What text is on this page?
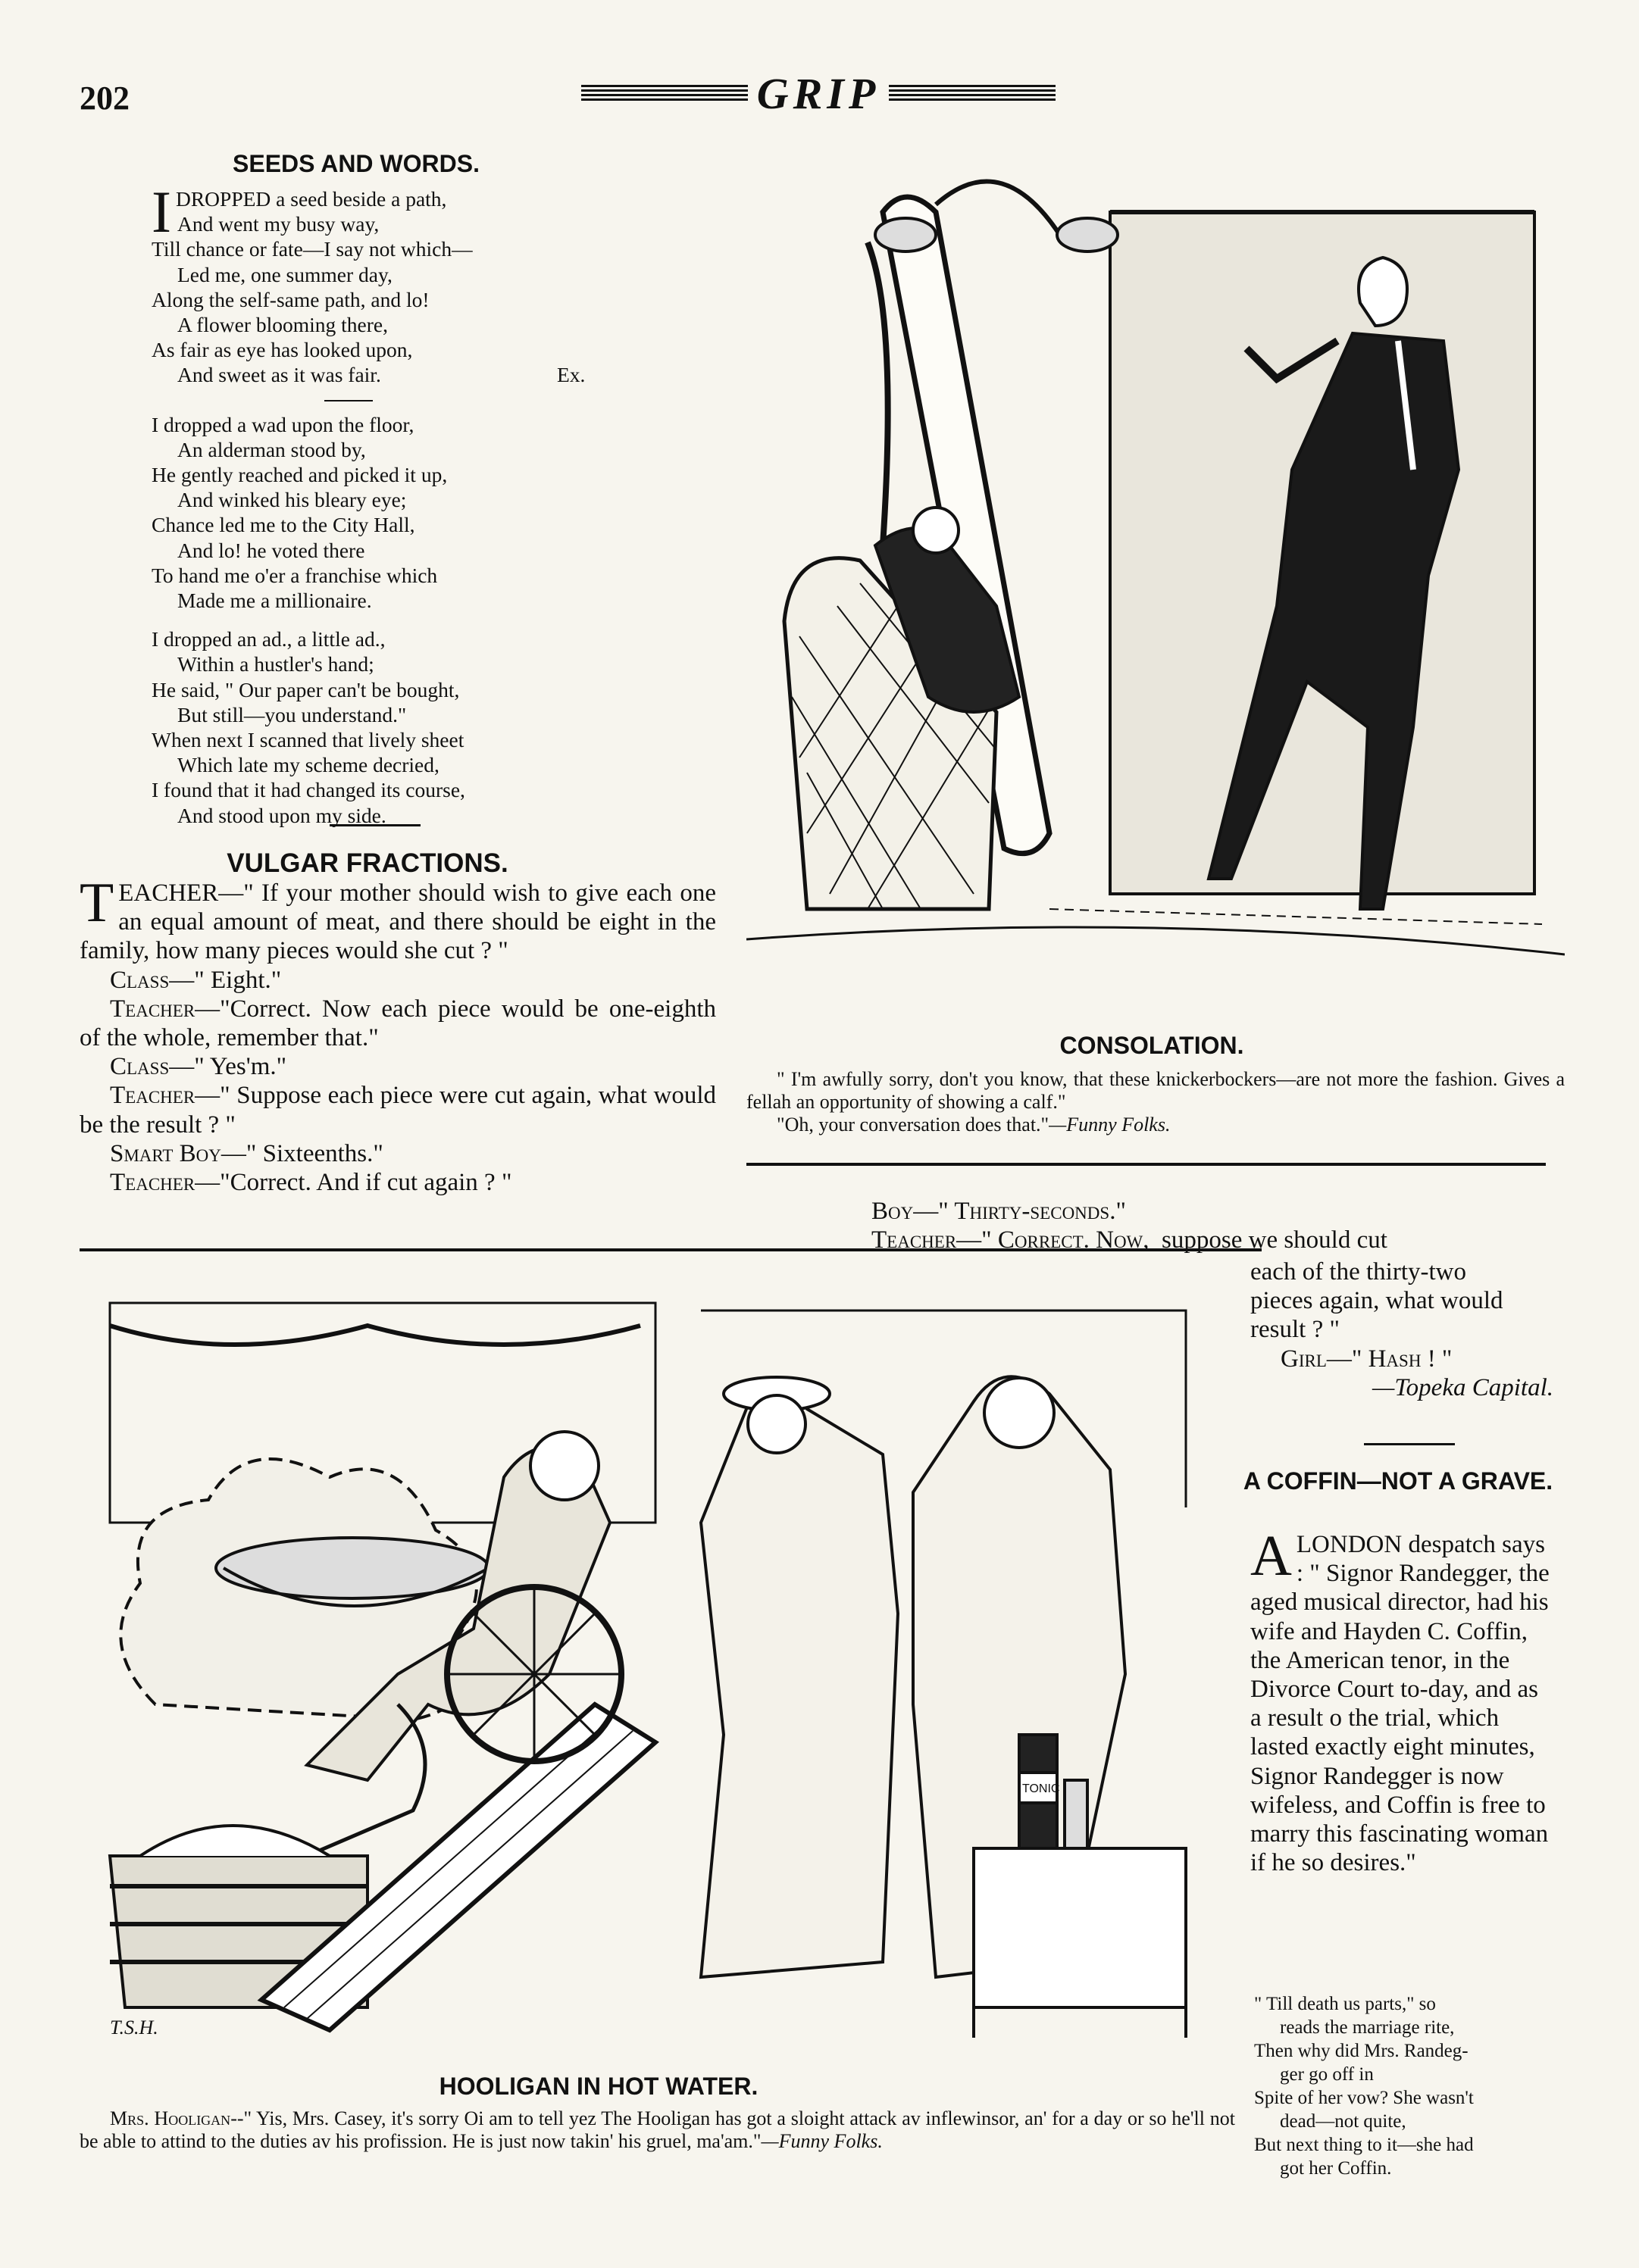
202	GRIP
SEEDS AND WORDS.
I DROPPED a seed beside a path,

And went my busy way,

Till chance or fate—I say not which—

Led me, one summer day,

Along the self-same path, and lo!

A flower blooming there,

As fair as eye has looked upon,

And sweet as it was fair.	Ex.

I dropped a wad upon the floor,

An alderman stood by,

He gently reached and picked it up,

And winked his bleary eye;

Chance led me to the City Hall,

And lo! he voted there

To hand me o'er a franchise which

Made me a millionaire.

I dropped an ad., a little ad.,

Within a hustler's hand;

He said, " Our paper can't be bought,

But still—you understand."

When next I scanned that lively sheet

Which late my scheme decried,

I found that it had changed its course,

And stood upon my side.

VULGAR FRACTIONS.

TEACHER—" If your mother should wish to give each one an equal amount of meat, and there should be eight in the family, how many pieces would she cut ? "

Class—" Eight."

Teacher—"Correct. Now each piece would be one-eighth of the whole, remember that."

Class—" Yes'm."

Teacher—" Suppose each piece were cut again, what would be the result ? "

Smart Boy—" Sixteenths."

Teacher—"Correct. And if cut again ? "

CONSOLATION.

" I'm awfully sorry, don't you know, that these knickerbockers—are not more the fashion. Gives a fellah an opportunity of showing a calf."

"Oh, your conversation does that."—Funny Folks.

Boy—" Thirty-seconds."

Teacher—" Correct. Now, suppose we should cut

each of the thirty-two

pieces again, what would

result ? "

Girl—" Hash ! "

—Topeka Capital.

A COFFIN—NOT A GRAVE.

ALONDON despatch says : " Signor Randegger, the aged musical director, had his wife and Hayden C. Coffin, the American tenor, in the Divorce Court to-day, and as a result o the trial, which lasted exactly eight minutes, Signor Randegger is now wifeless, and Coffin is free to marry this fascinating woman if he so desires."

" Till death us parts," so

reads the marriage rite,

Then why did Mrs. Randeg-

ger go off in

Spite of her vow? She wasn't

dead—not quite,

But next thing to it—she had

got her Coffin.

TONIC
T.S.H.
HOOLIGAN IN HOT WATER.

Mrs. Hooligan--" Yis, Mrs. Casey, it's sorry Oi am to tell yez The Hooligan has got a sloight attack av inflewinsor, an' for a day or so he'll not be able to attind to the duties av his profission. He is just now takin' his gruel, ma'am."—Funny Folks.
